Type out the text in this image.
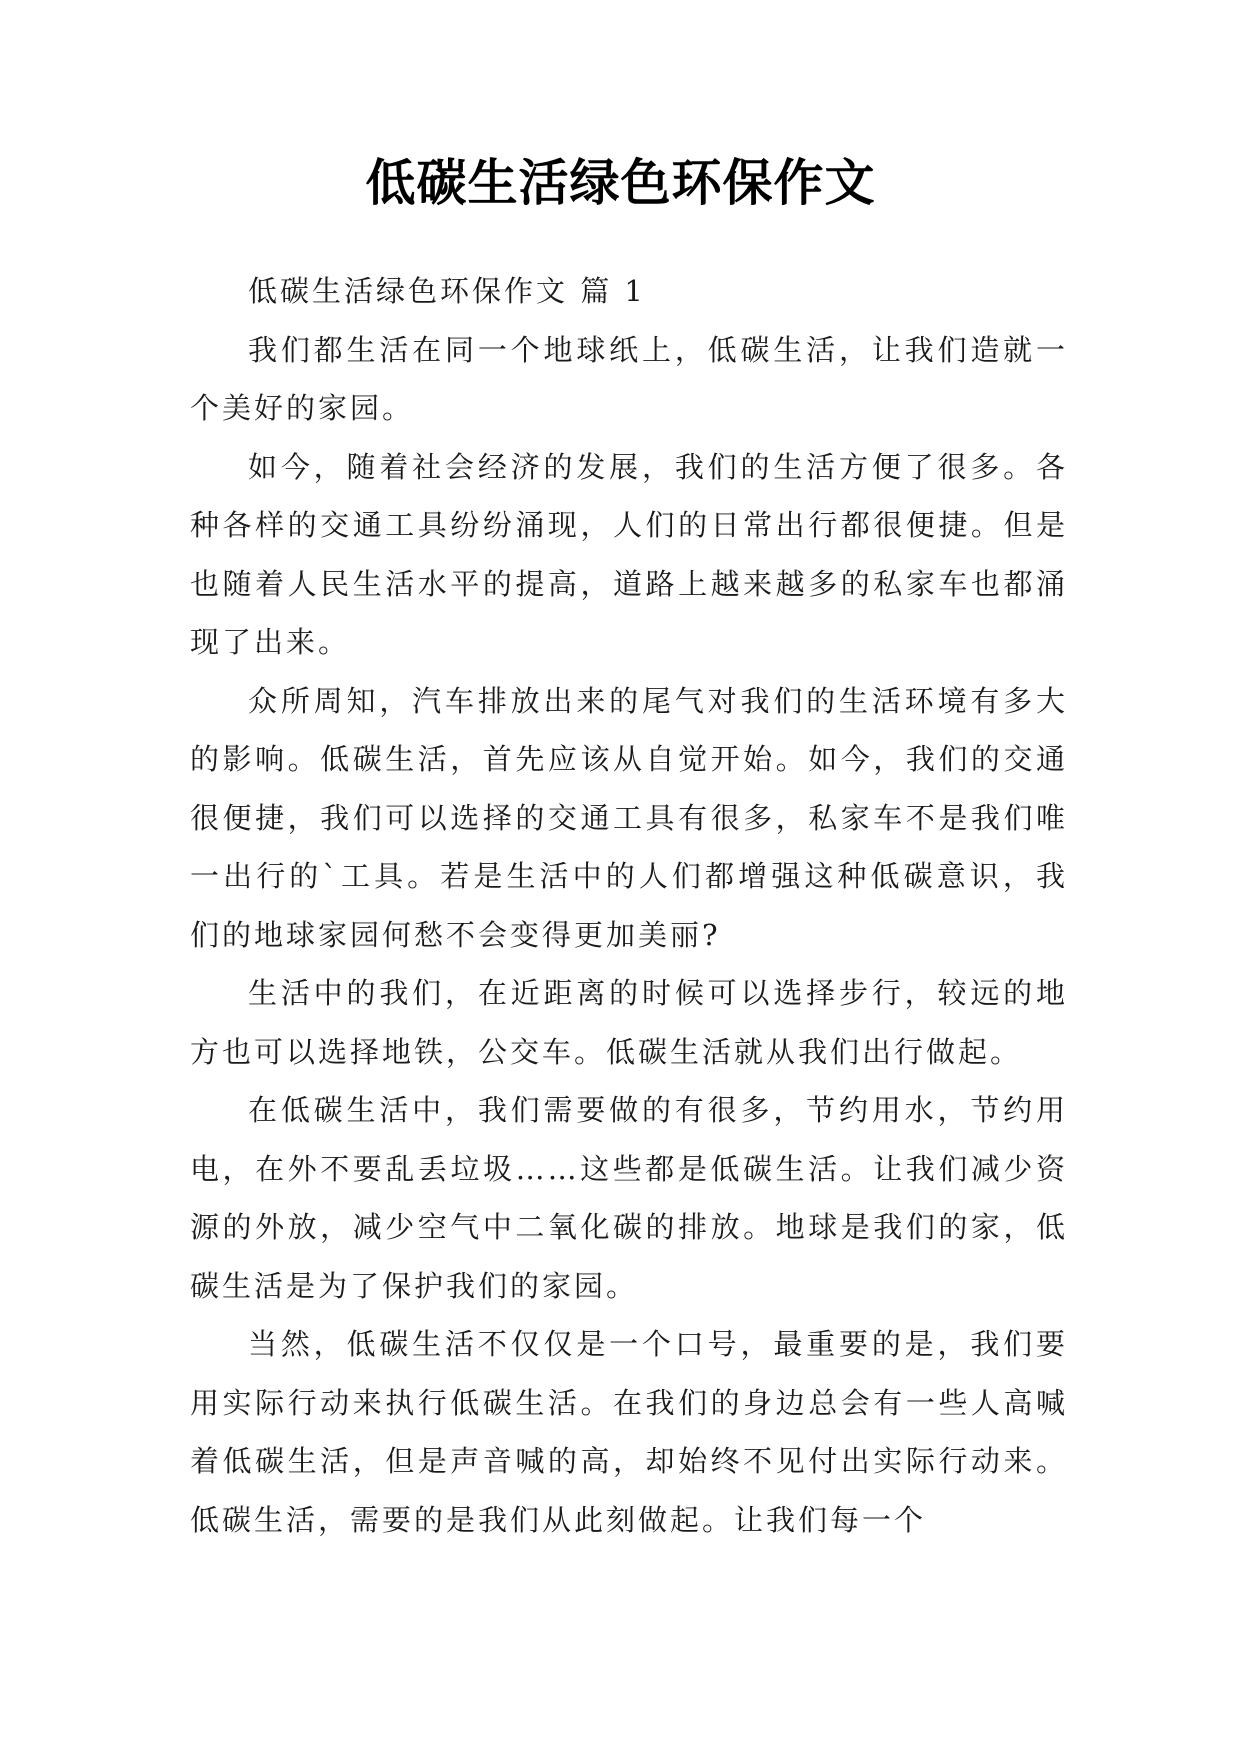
低碳生活绿色环保作文

低碳生活绿色环保作文 篇 1

我们都生活在同一个地球纸上，低碳生活，让我们造就一个美好的家园。

如今，随着社会经济的发展，我们的生活方便了很多。各种各样的交通工具纷纷涌现，人们的日常出行都很便捷。但是也随着人民生活水平的提高，道路上越来越多的私家车也都涌现了出来。

众所周知，汽车排放出来的尾气对我们的生活环境有多大的影响。低碳生活，首先应该从自觉开始。如今，我们的交通很便捷，我们可以选择的交通工具有很多，私家车不是我们唯一出行的`工具。若是生活中的人们都增强这种低碳意识，我们的地球家园何愁不会变得更加美丽?

生活中的我们，在近距离的时候可以选择步行，较远的地方也可以选择地铁，公交车。低碳生活就从我们出行做起。

在低碳生活中，我们需要做的有很多，节约用水，节约用电，在外不要乱丢垃圾……这些都是低碳生活。让我们减少资源的外放，减少空气中二氧化碳的排放。地球是我们的家，低碳生活是为了保护我们的家园。

当然，低碳生活不仅仅是一个口号，最重要的是，我们要用实际行动来执行低碳生活。在我们的身边总会有一些人高喊着低碳生活，但是声音喊的高，却始终不见付出实际行动来。低碳生活，需要的是我们从此刻做起。让我们每一个
